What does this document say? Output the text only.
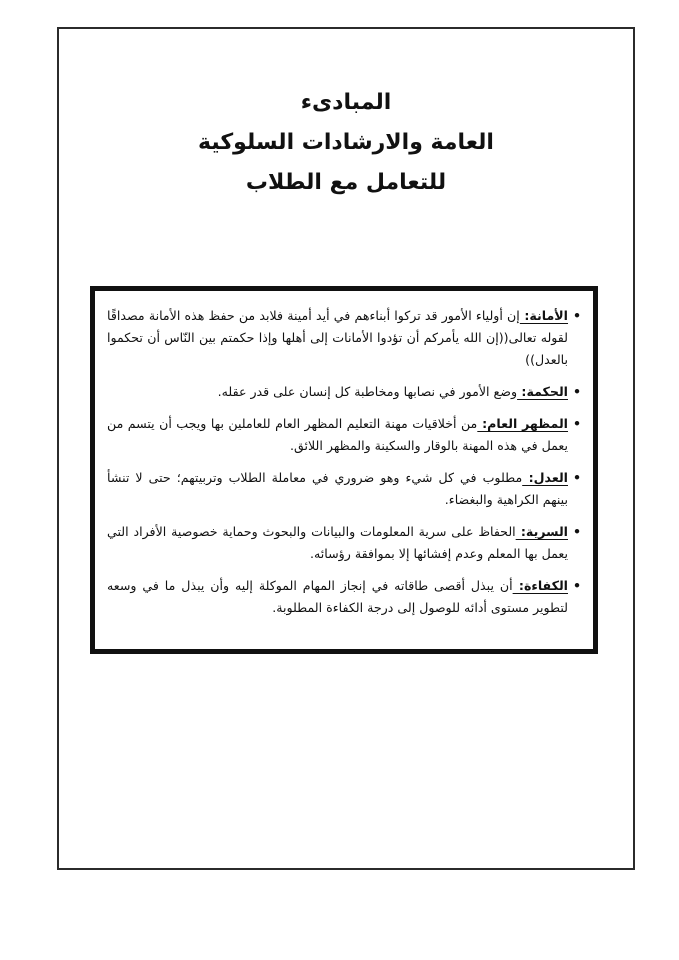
المبادىء

العامة والارشادات السلوكية

للتعامل مع الطلاب

•
الأمانة: إن أولياء الأمور قد تركوا أبناءهم في أيد أمينة فلابد من حفظ هذه الأمانة مصداقًا لقوله تعالى((إن الله يأمركم أن تؤدوا الأمانات إلى أهلها وإذا حكمتم بين النّاس أن تحكموا بالعدل))
•
الحكمة: وضع الأمور في نصابها ومخاطبة كل إنسان على قدر عقله.
•
المظهر العام: من أخلاقيات مهنة التعليم المظهر العام للعاملين بها ويجب أن يتسم من يعمل في هذه المهنة بالوقار والسكينة والمظهر اللائق.
•
العدل: مطلوب في كل شيء وهو ضروري في معاملة الطلاب وتربيتهم؛ حتى لا تنشأ بينهم الكراهية والبغضاء.
•
السرية: الحفاظ على سرية المعلومات والبيانات والبحوث وحماية خصوصية الأفراد التي يعمل بها المعلم وعدم إفشائها إلا بموافقة رؤسائه.
•
الكفاءة: أن يبذل أقصى طاقاته في إنجاز المهام الموكلة إليه وأن يبذل ما في وسعه لتطوير مستوى أدائه للوصول إلى درجة الكفاءة المطلوبة.
